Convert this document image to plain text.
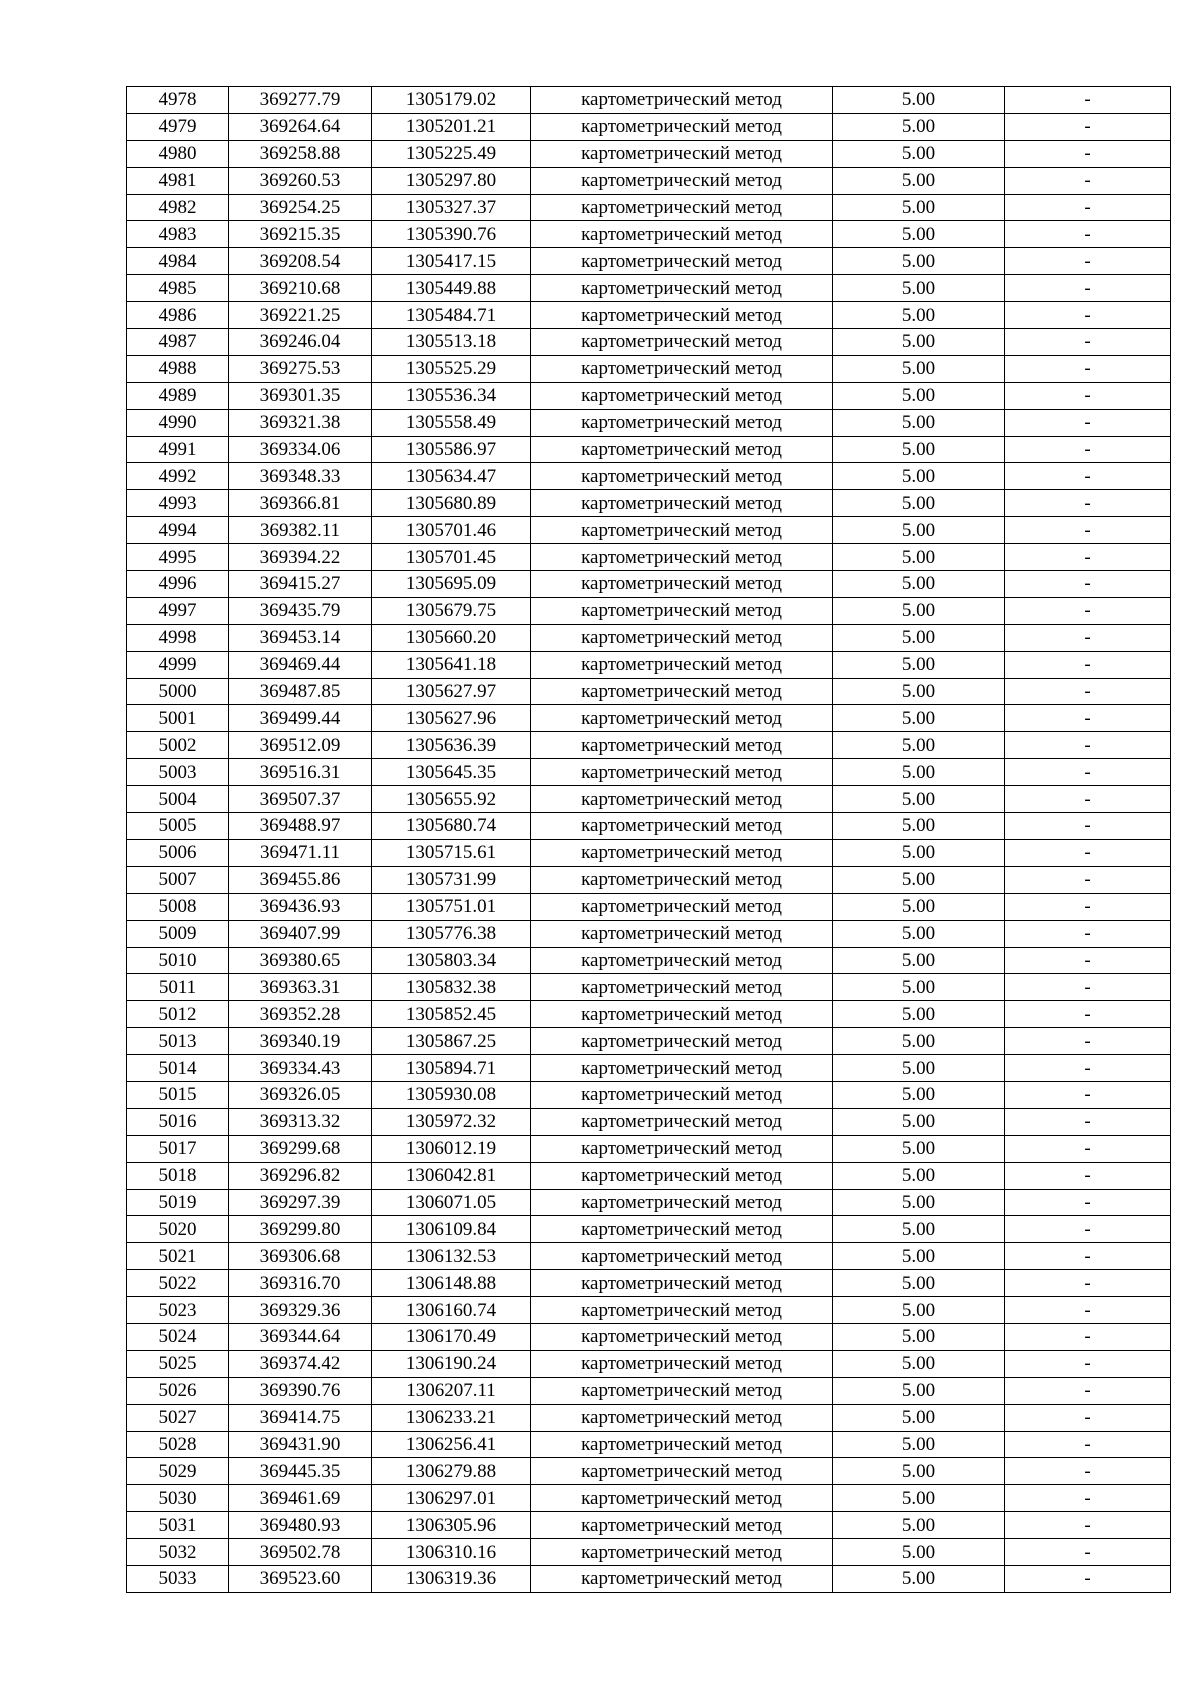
4978	369277.79	1305179.02	картометрический метод	5.00	-
4979	369264.64	1305201.21	картометрический метод	5.00	-
4980	369258.88	1305225.49	картометрический метод	5.00	-
4981	369260.53	1305297.80	картометрический метод	5.00	-
4982	369254.25	1305327.37	картометрический метод	5.00	-
4983	369215.35	1305390.76	картометрический метод	5.00	-
4984	369208.54	1305417.15	картометрический метод	5.00	-
4985	369210.68	1305449.88	картометрический метод	5.00	-
4986	369221.25	1305484.71	картометрический метод	5.00	-
4987	369246.04	1305513.18	картометрический метод	5.00	-
4988	369275.53	1305525.29	картометрический метод	5.00	-
4989	369301.35	1305536.34	картометрический метод	5.00	-
4990	369321.38	1305558.49	картометрический метод	5.00	-
4991	369334.06	1305586.97	картометрический метод	5.00	-
4992	369348.33	1305634.47	картометрический метод	5.00	-
4993	369366.81	1305680.89	картометрический метод	5.00	-
4994	369382.11	1305701.46	картометрический метод	5.00	-
4995	369394.22	1305701.45	картометрический метод	5.00	-
4996	369415.27	1305695.09	картометрический метод	5.00	-
4997	369435.79	1305679.75	картометрический метод	5.00	-
4998	369453.14	1305660.20	картометрический метод	5.00	-
4999	369469.44	1305641.18	картометрический метод	5.00	-
5000	369487.85	1305627.97	картометрический метод	5.00	-
5001	369499.44	1305627.96	картометрический метод	5.00	-
5002	369512.09	1305636.39	картометрический метод	5.00	-
5003	369516.31	1305645.35	картометрический метод	5.00	-
5004	369507.37	1305655.92	картометрический метод	5.00	-
5005	369488.97	1305680.74	картометрический метод	5.00	-
5006	369471.11	1305715.61	картометрический метод	5.00	-
5007	369455.86	1305731.99	картометрический метод	5.00	-
5008	369436.93	1305751.01	картометрический метод	5.00	-
5009	369407.99	1305776.38	картометрический метод	5.00	-
5010	369380.65	1305803.34	картометрический метод	5.00	-
5011	369363.31	1305832.38	картометрический метод	5.00	-
5012	369352.28	1305852.45	картометрический метод	5.00	-
5013	369340.19	1305867.25	картометрический метод	5.00	-
5014	369334.43	1305894.71	картометрический метод	5.00	-
5015	369326.05	1305930.08	картометрический метод	5.00	-
5016	369313.32	1305972.32	картометрический метод	5.00	-
5017	369299.68	1306012.19	картометрический метод	5.00	-
5018	369296.82	1306042.81	картометрический метод	5.00	-
5019	369297.39	1306071.05	картометрический метод	5.00	-
5020	369299.80	1306109.84	картометрический метод	5.00	-
5021	369306.68	1306132.53	картометрический метод	5.00	-
5022	369316.70	1306148.88	картометрический метод	5.00	-
5023	369329.36	1306160.74	картометрический метод	5.00	-
5024	369344.64	1306170.49	картометрический метод	5.00	-
5025	369374.42	1306190.24	картометрический метод	5.00	-
5026	369390.76	1306207.11	картометрический метод	5.00	-
5027	369414.75	1306233.21	картометрический метод	5.00	-
5028	369431.90	1306256.41	картометрический метод	5.00	-
5029	369445.35	1306279.88	картометрический метод	5.00	-
5030	369461.69	1306297.01	картометрический метод	5.00	-
5031	369480.93	1306305.96	картометрический метод	5.00	-
5032	369502.78	1306310.16	картометрический метод	5.00	-
5033	369523.60	1306319.36	картометрический метод	5.00	-
